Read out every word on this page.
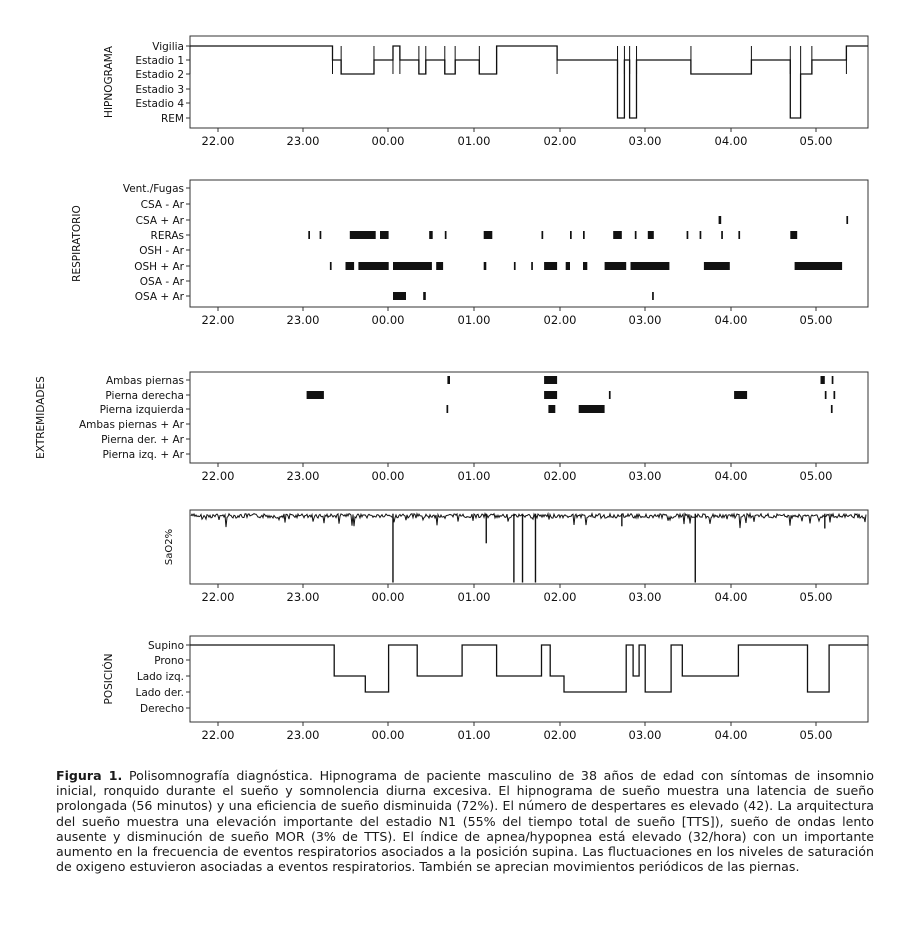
HIPNOGRAMA
22.00	23.00	00.00	01.00	02.00	03.00	04.00	05.00
Vigilia
Estadio 1
Estadio 2
Estadio 3
Estadio 4
REM
RESPIRATORIO
22.00	23.00	00.00	01.00	02.00	03.00	04.00	05.00
Vent./Fugas
CSA - Ar
CSA + Ar
RERAs
OSH - Ar
OSH + Ar
OSA - Ar
OSA + Ar
EXTREMIDADES
22.00	23.00	00.00	01.00	02.00	03.00	04.00	05.00
Ambas piernas
Pierna derecha
Pierna izquierda
Ambas piernas + Ar
Pierna der. + Ar
Pierna izq. + Ar
SaO2%
22.00	23.00	00.00	01.00	02.00	03.00	04.00	05.00
POSICIÓN
22.00	23.00	00.00	01.00	02.00	03.00	04.00	05.00
Supino
Prono
Lado izq.
Lado der.
Derecho
Figura 1. Polisomnografía diagnóstica. Hipnograma de paciente masculino de 38 años de edad con síntomas de insomnio inicial, ronquido durante el sueño y somnolencia diurna excesiva. El hipnograma de sueño muestra una latencia de sueño prolongada (56 minutos) y una eficiencia de sueño disminuida (72%). El número de despertares es elevado (42). La arquitectura del sueño muestra una elevación importante del estadio N1 (55% del tiempo total de sueño [TTS]), sueño de ondas lento ausente y disminución de sueño MOR (3% de TTS). El índice de apnea/hypopnea está elevado (32/hora) con un importante aumento en la frecuencia de eventos respiratorios asociados a la posición supina. Las fluctuaciones en los niveles de saturación de oxigeno estuvieron asociadas a eventos respiratorios. También se aprecian movimientos periódicos de las piernas.
